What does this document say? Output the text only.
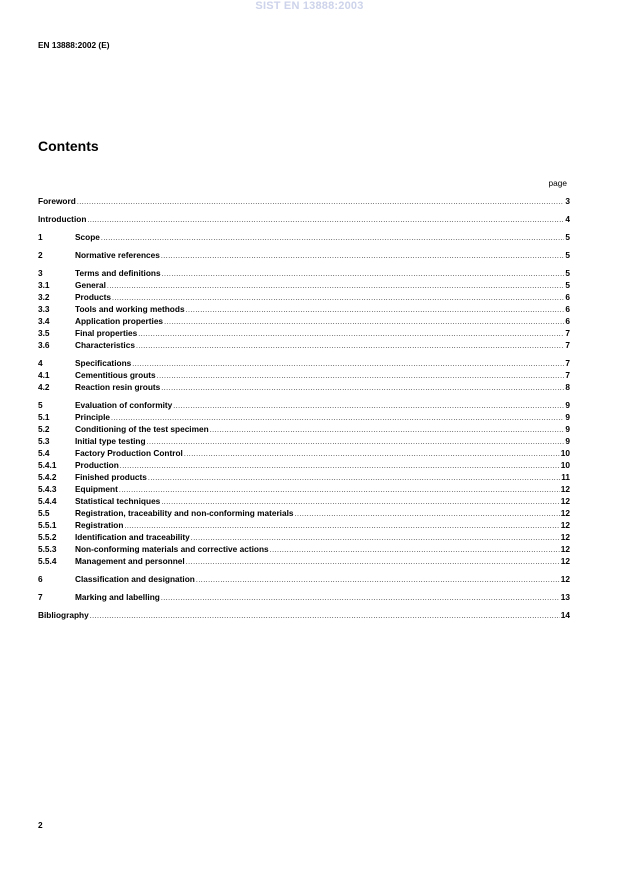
SIST EN 13888:2003
EN 13888:2002 (E)
Contents
page
Foreword .....	3
Introduction .....	4
1	Scope .....	5
2	Normative references .....	5
3	Terms and definitions .....	5
3.1	General .....	5
3.2	Products .....	6
3.3	Tools and working methods .....	6
3.4	Application properties .....	6
3.5	Final properties .....	7
3.6	Characteristics .....	7
4	Specifications .....	7
4.1	Cementitious grouts .....	7
4.2	Reaction resin grouts .....	8
5	Evaluation of conformity .....	9
5.1	Principle .....	9
5.2	Conditioning of the test specimen .....	9
5.3	Initial type testing .....	9
5.4	Factory Production Control .....	10
5.4.1	Production .....	10
5.4.2	Finished products .....	11
5.4.3	Equipment .....	12
5.4.4	Statistical techniques .....	12
5.5	Registration, traceability and non-conforming materials .....	12
5.5.1	Registration .....	12
5.5.2	Identification and traceability .....	12
5.5.3	Non-conforming materials and corrective actions .....	12
5.5.4	Management and personnel .....	12
6	Classification and designation .....	12
7	Marking and labelling .....	13
Bibliography .....	14
2
